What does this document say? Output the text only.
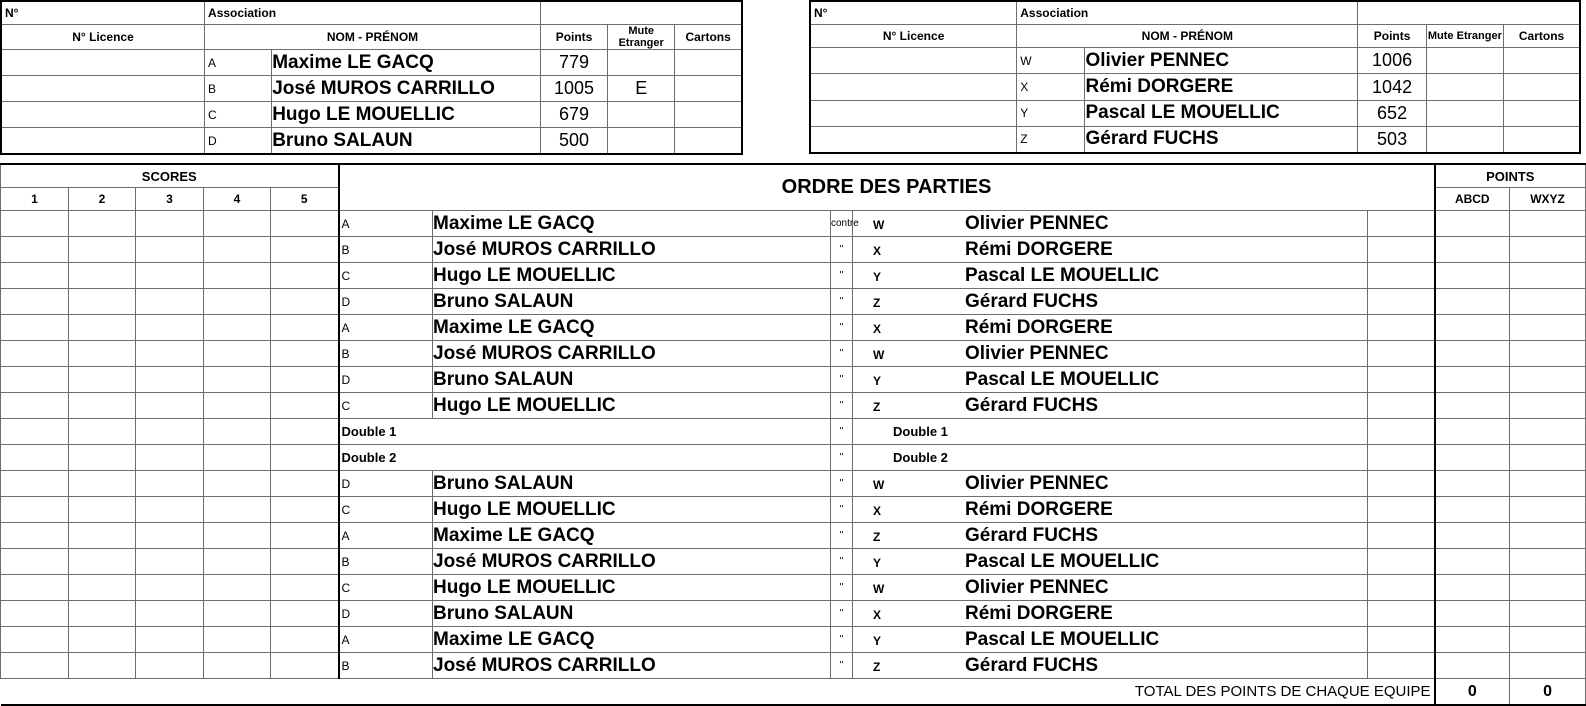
N°	Association				
N° Licence	NOM - PRÉNOM		Points	Mute Etranger	Cartons
	A	Maxime LE GACQ	779		
	B	José MUROS CARRILLO	1005	E	
	C	Hugo LE MOUELLIC	679		
	D	Bruno SALAUN	500		
N°	Association				
N° Licence	NOM - PRÉNOM		Points	Mute Etranger	Cartons
	W	Olivier PENNEC	1006		
	X	Rémi DORGERE	1042		
	Y	Pascal LE MOUELLIC	652		
	Z	Gérard FUCHS	503		
SCORES					ORDRE DES PARTIES					POINTS	
1	2	3	4	5						ABCD	WXYZ
					A	Maxime LE GACQ	contre	W Olivier PENNEC			
					B	José MUROS CARRILLO	"	X Rémi DORGERE			
					C	Hugo LE MOUELLIC	"	Y Pascal LE MOUELLIC			
					D	Bruno SALAUN	"	Z Gérard FUCHS			
					A	Maxime LE GACQ	"	X Rémi DORGERE			
					B	José MUROS CARRILLO	"	W Olivier PENNEC			
					D	Bruno SALAUN	"	Y Pascal LE MOUELLIC			
					C	Hugo LE MOUELLIC	"	Z Gérard FUCHS			
					Double 1		"	Double 1			
					Double 2		"	Double 2			
					D	Bruno SALAUN	"	W Olivier PENNEC			
					C	Hugo LE MOUELLIC	"	X Rémi DORGERE			
					A	Maxime LE GACQ	"	Z Gérard FUCHS			
					B	José MUROS CARRILLO	"	Y Pascal LE MOUELLIC			
					C	Hugo LE MOUELLIC	"	W Olivier PENNEC			
					D	Bruno SALAUN	"	X Rémi DORGERE			
					A	Maxime LE GACQ	"	Y Pascal LE MOUELLIC			
					B	José MUROS CARRILLO	"	Z Gérard FUCHS			
TOTAL DES POINTS DE CHAQUE EQUIPE										0	0
